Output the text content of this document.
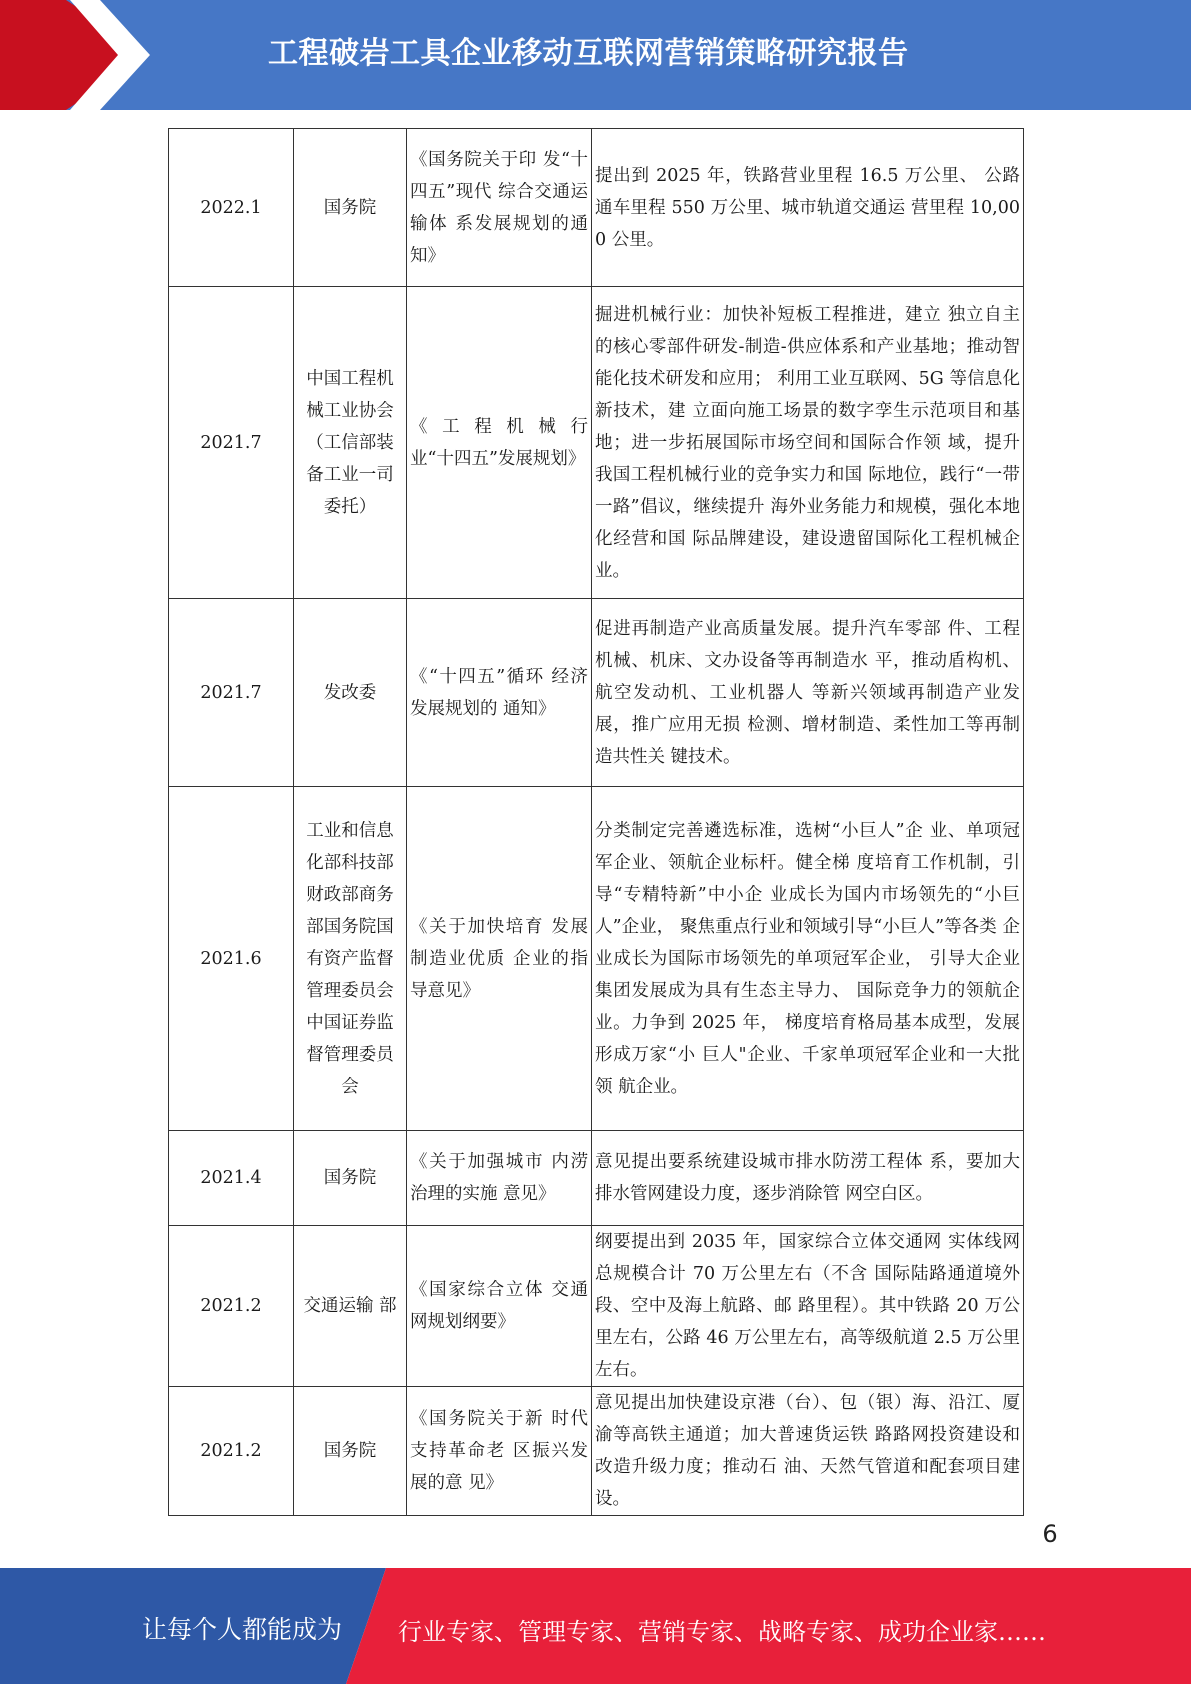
工程破岩工具企业移动互联网营销策略研究报告
2022.1	国务院	《国务院关于印 发“十四五”现代 综合交通运输体 系发展规划的通 知》	提出到 2025 年，铁路营业里程 16.5 万公里、 公路通车里程 550 万公里、城市轨道交通运 营里程 10,000 公里。
2021.7	中国工程机械工业协会（工信部装备工业一司委托）	《 工 程 机 械 行 业“十四五”发展规划》	掘进机械行业：加快补短板工程推进，建立 独立自主的核心零部件研发-制造-供应体系和产业基地；推动智能化技术研发和应用； 利用工业互联网、5G 等信息化新技术，建 立面向施工场景的数字孪生示范项目和基 地；进一步拓展国际市场空间和国际合作领 域，提升我国工程机械行业的竞争实力和国 际地位，践行“一带一路”倡议，继续提升 海外业务能力和规模，强化本地化经营和国 际品牌建设，建设遗留国际化工程机械企 业。
2021.7	发改委	《“十四五”循环 经济发展规划的 通知》	促进再制造产业高质量发展。提升汽车零部 件、工程机械、机床、文办设备等再制造水 平，推动盾构机、航空发动机、工业机器人 等新兴领域再制造产业发展，推广应用无损 检测、增材制造、柔性加工等再制造共性关 键技术。
2021.6	工业和信息化部科技部财政部商务部国务院国有资产监督管理委员会中国证券监督管理委员会	《关于加快培育 发展制造业优质 企业的指导意见》	分类制定完善遴选标准，选树“小巨人”企 业、单项冠军企业、领航企业标杆。健全梯 度培育工作机制，引导“专精特新”中小企 业成长为国内市场领先的“小巨人”企业， 聚焦重点行业和领域引导“小巨人”等各类 企业成长为国际市场领先的单项冠军企业， 引导大企业集团发展成为具有生态主导力、 国际竞争力的领航企业。力争到 2025 年， 梯度培育格局基本成型，发展形成万家“小 巨人"企业、千家单项冠军企业和一大批领 航企业。
2021.4	国务院	《关于加强城市 内涝治理的实施 意见》	意见提出要系统建设城市排水防涝工程体 系，要加大排水管网建设力度，逐步消除管 网空白区。
2021.2	交通运输 部	《国家综合立体 交通网规划纲要》	纲要提出到 2035 年，国家综合立体交通网 实体线网总规模合计 70 万公里左右（不含 国际陆路通道境外段、空中及海上航路、邮 路里程）。其中铁路 20 万公里左右，公路 46 万公里左右，高等级航道 2.5 万公里左右。
2021.2	国务院	《国务院关于新 时代支持革命老 区振兴发展的意 见》	意见提出加快建设京港（台）、包（银）海、沿江、厦渝等高铁主通道；加大普速货运铁 路路网投资建设和改造升级力度；推动石 油、天然气管道和配套项目建设。
6
让每个人都能成为 行业专家、管理专家、营销专家、战略专家、成功企业家……
